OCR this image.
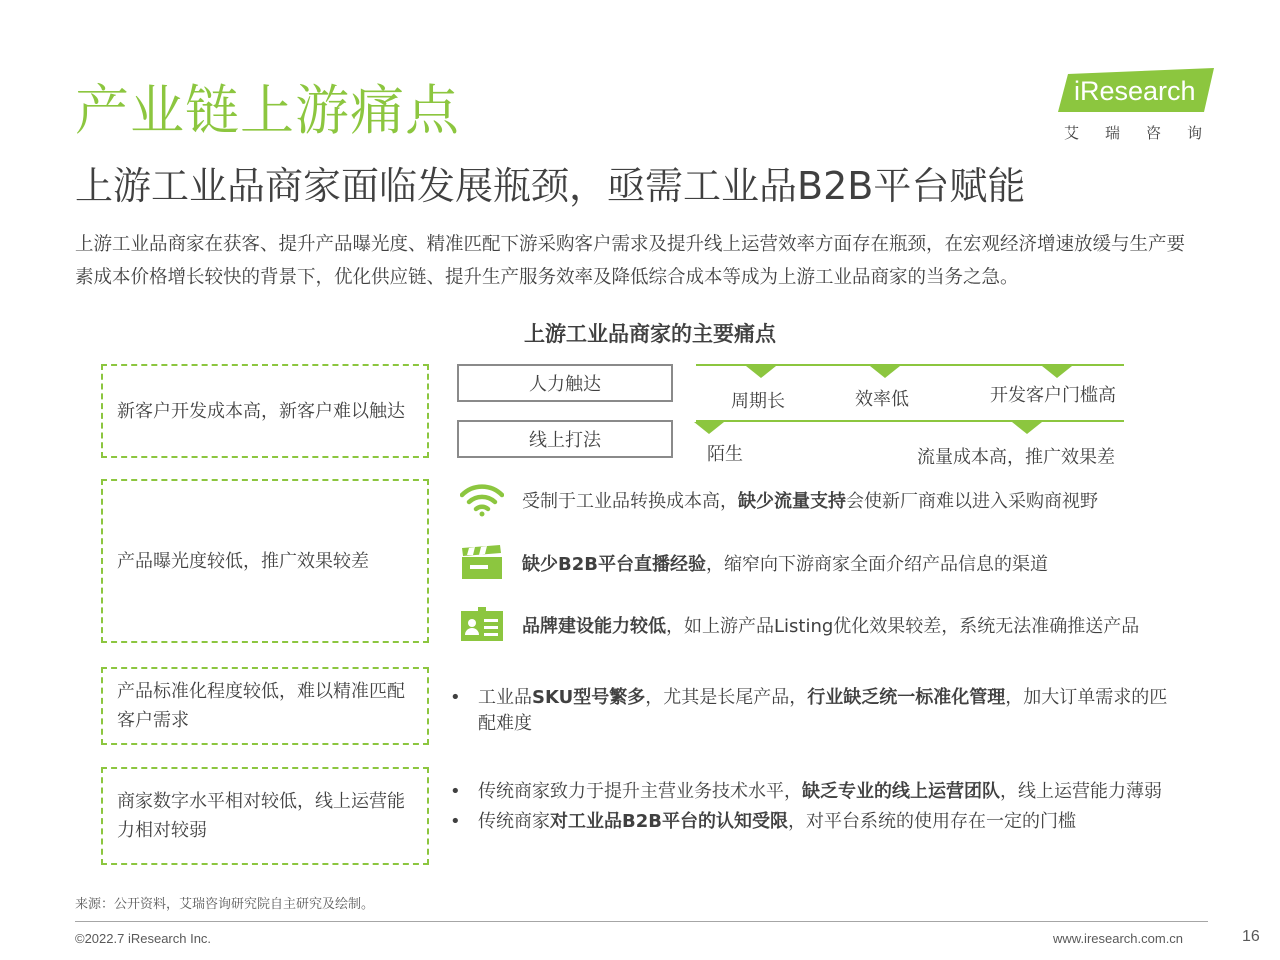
产业链上游痛点	iResearch
艾瑞咨询
上游工业品商家面临发展瓶颈，亟需工业品B2B平台赋能
上游工业品商家在获客、提升产品曝光度、精准匹配下游采购客户需求及提升线上运营效率方面存在瓶颈，在宏观经济增速放缓与生产要素成本价格增长较快的背景下，优化供应链、提升生产服务效率及降低综合成本等成为上游工业品商家的当务之急。
上游工业品商家的主要痛点
新客户开发成本高，新客户难以触达
产品曝光度较低，推广效果较差
产品标准化程度较低，难以精准匹配客户需求
商家数字水平相对较低，线上运营能力相对较弱
人力触达
线上打法
周期长	效率低	开发客户门槛高
陌生	流量成本高，推广效果差
受制于工业品转换成本高，缺少流量支持会使新厂商难以进入采购商视野
缺少B2B平台直播经验，缩窄向下游商家全面介绍产品信息的渠道
品牌建设能力较低，如上游产品Listing优化效果较差，系统无法准确推送产品
• 工业品SKU型号繁多，尤其是长尾产品，行业缺乏统一标准化管理，加大订单需求的匹配难度
• 传统商家致力于提升主营业务技术水平，缺乏专业的线上运营团队，线上运营能力薄弱
• 传统商家对工业品B2B平台的认知受限，对平台系统的使用存在一定的门槛
来源：公开资料，艾瑞咨询研究院自主研究及绘制。
©2022.7 iResearch Inc.	www.iresearch.com.cn	16
